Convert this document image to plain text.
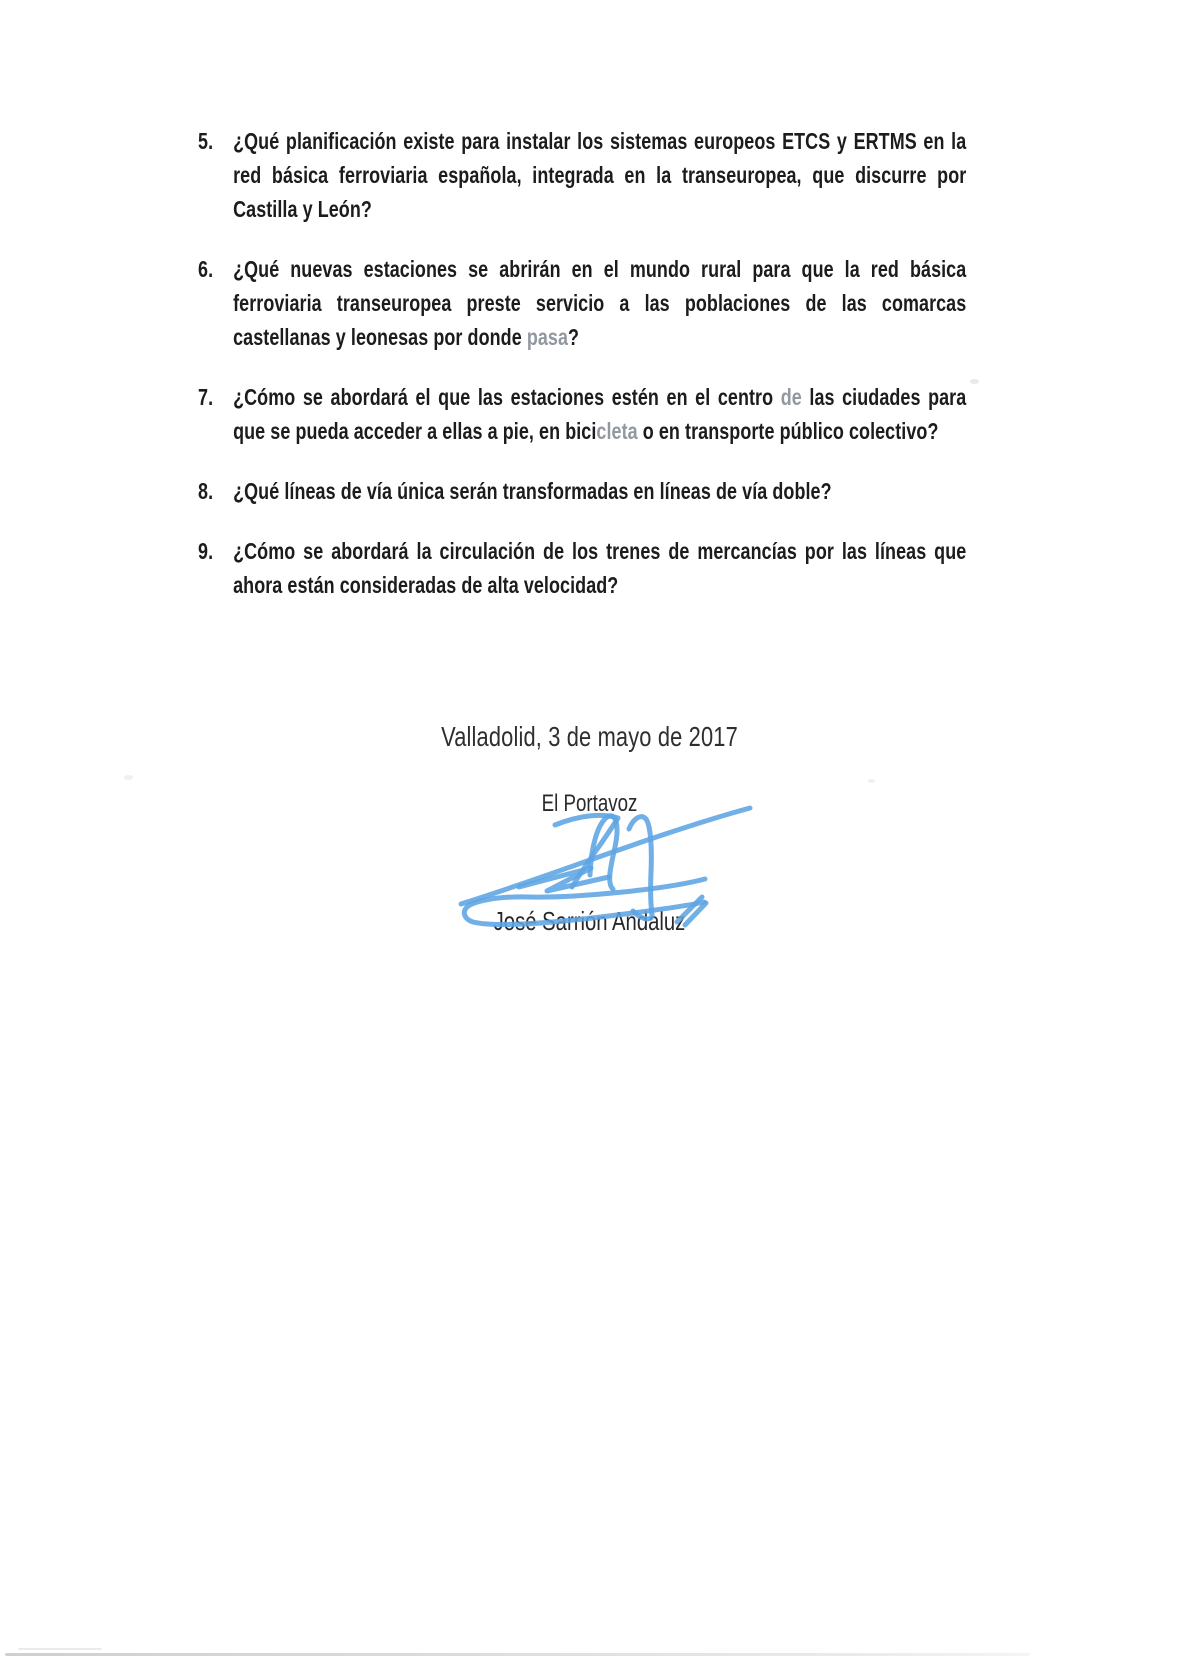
5. ¿Qué planificación existe para instalar los sistemas europeos ETCS y ERTMS en la red básica ferroviaria española, integrada en la transeuropea, que discurre por Castilla y León?

6. ¿Qué nuevas estaciones se abrirán en el mundo rural para que la red básica ferroviaria transeuropea preste servicio a las poblaciones de las comarcas castellanas y leonesas por donde pasa?

7. ¿Cómo se abordará el que las estaciones estén en el centro de las ciudades para que se pueda acceder a ellas a pie, en bicicleta o en transporte público colectivo?

8. ¿Qué líneas de vía única serán transformadas en líneas de vía doble?

9. ¿Cómo se abordará la circulación de los trenes de mercancías por las líneas que ahora están consideradas de alta velocidad?

Valladolid, 3 de mayo de 2017
El Portavoz
José Sarrión Andaluz
